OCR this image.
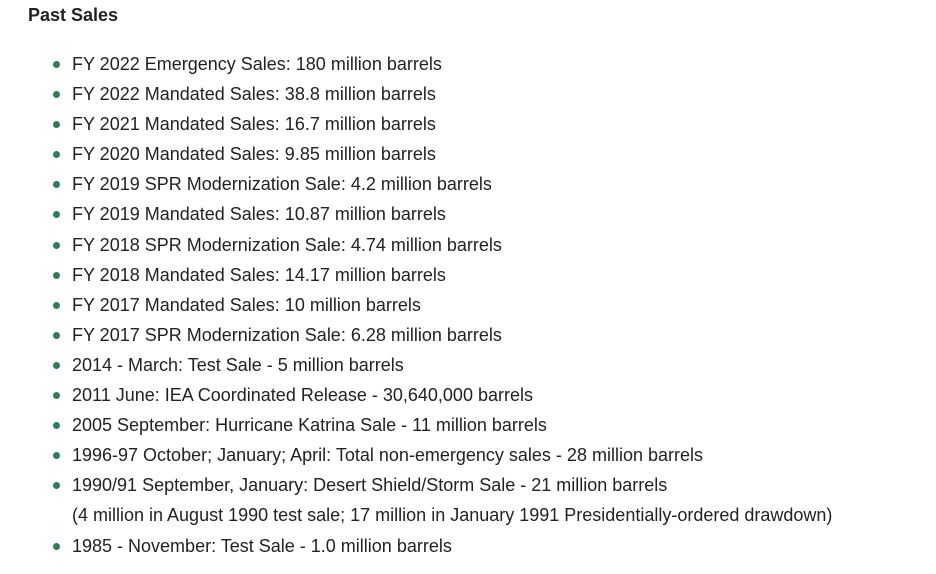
Past Sales
FY 2022 Emergency Sales: 180 million barrels
FY 2022 Mandated Sales: 38.8 million barrels
FY 2021 Mandated Sales: 16.7 million barrels
FY 2020 Mandated Sales: 9.85 million barrels
FY 2019 SPR Modernization Sale: 4.2 million barrels
FY 2019 Mandated Sales: 10.87 million barrels
FY 2018 SPR Modernization Sale: 4.74 million barrels
FY 2018 Mandated Sales: 14.17 million barrels
FY 2017 Mandated Sales: 10 million barrels
FY 2017 SPR Modernization Sale: 6.28 million barrels
2014 - March: Test Sale - 5 million barrels
2011 June: IEA Coordinated Release - 30,640,000 barrels
2005 September: Hurricane Katrina Sale - 11 million barrels
1996-97 October; January; April: Total non-emergency sales - 28 million barrels
1990/91 September, January: Desert Shield/Storm Sale - 21 million barrels
(4 million in August 1990 test sale; 17 million in January 1991 Presidentially-ordered drawdown)
1985 - November: Test Sale - 1.0 million barrels
